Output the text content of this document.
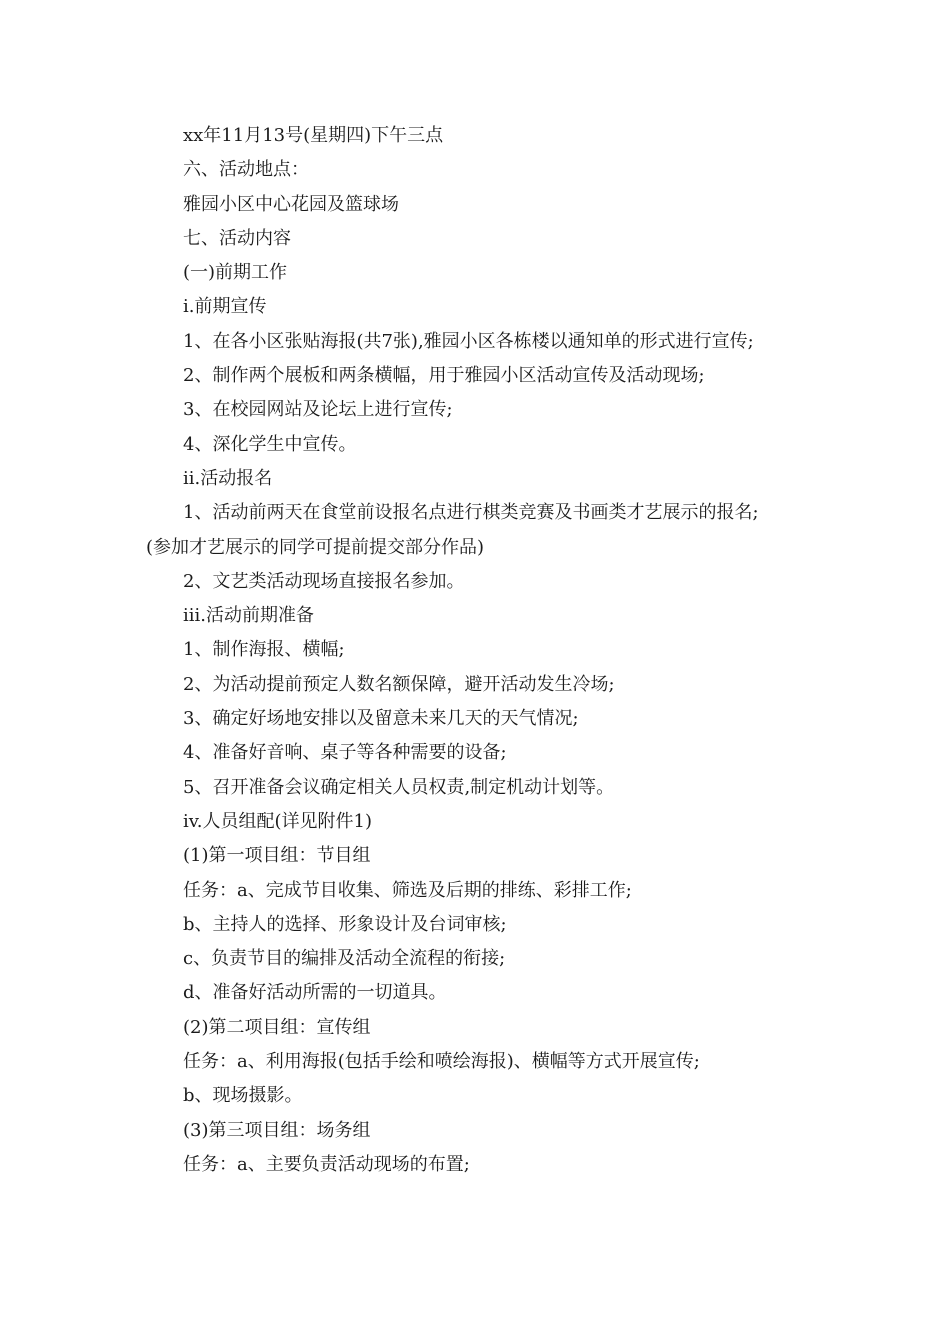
xx年11月13号(星期四)下午三点
六、活动地点：
雅园小区中心花园及篮球场
七、活动内容
(一)前期工作
i.前期宣传
1、在各小区张贴海报(共7张),雅园小区各栋楼以通知单的形式进行宣传;
2、制作两个展板和两条横幅，用于雅园小区活动宣传及活动现场;
3、在校园网站及论坛上进行宣传;
4、深化学生中宣传。
ii.活动报名
1、活动前两天在食堂前设报名点进行棋类竞赛及书画类才艺展示的报名;
(参加才艺展示的同学可提前提交部分作品)
2、文艺类活动现场直接报名参加。
iii.活动前期准备
1、制作海报、横幅;
2、为活动提前预定人数名额保障，避开活动发生冷场;
3、确定好场地安排以及留意未来几天的天气情况;
4、准备好音响、桌子等各种需要的设备;
5、召开准备会议确定相关人员权责,制定机动计划等。
iv.人员组配(详见附件1)
(1)第一项目组：节目组
任务：a、完成节目收集、筛选及后期的排练、彩排工作;
b、主持人的选择、形象设计及台词审核;
c、负责节目的编排及活动全流程的衔接;
d、准备好活动所需的一切道具。
(2)第二项目组：宣传组
任务：a、利用海报(包括手绘和喷绘海报)、横幅等方式开展宣传;
b、现场摄影。
(3)第三项目组：场务组
任务：a、主要负责活动现场的布置;
